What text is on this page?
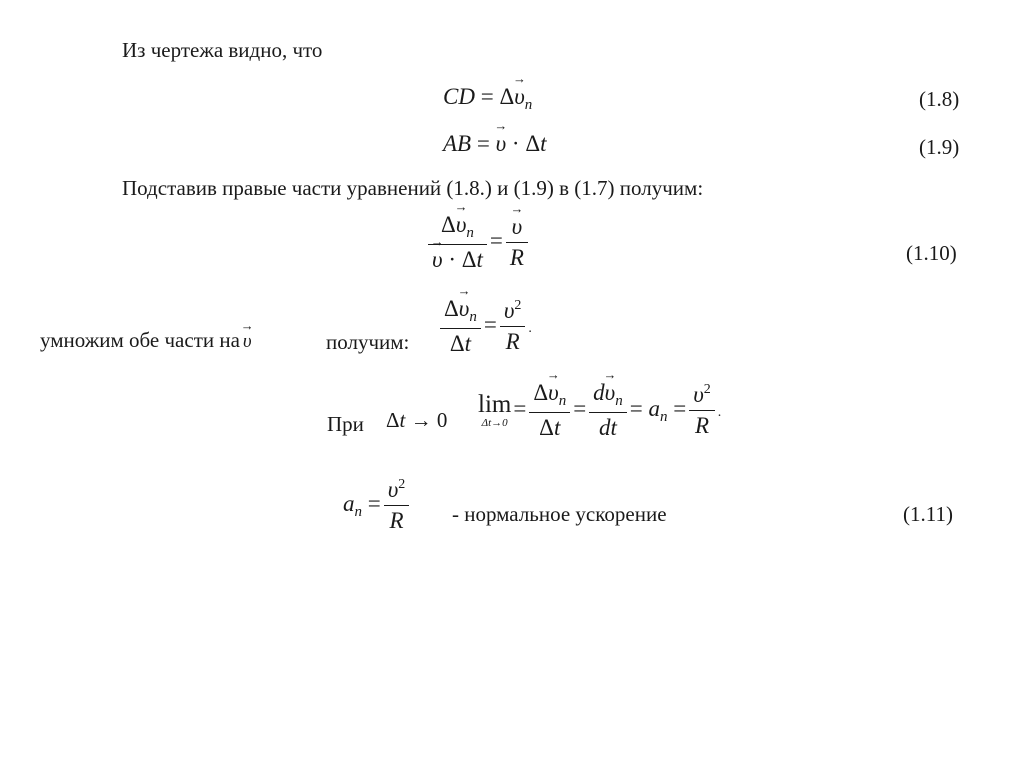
Из чертежа видно, что
CD = $\Delta\upsilon \to_n$	(1.8)
AB = υ → · Δt	(1.9)
Подставив правые части уравнений (1.8.) и (1.9) в (1.7) получим:
$\frac{\Delta\upsilon \to_n}{\upsilon \to \cdot \Delta t} = \frac{\upsilon \to}{R}$	(1.10)
умножим обе части на υ →	получим: $\frac{\Delta\upsilon \to_n}{\Delta t} = \frac{\upsilon^2}{R}$ .
При Δt → 0
lim
Δt→0
= $\frac{\Delta\upsilon \to_n}{\Delta t} = \frac{d\upsilon \to_n}{dt} = a_n = \frac{\upsilon^2}{R}$ .
$a_n = \frac{\upsilon^2}{R}$ - нормальное ускорение	(1.11)
